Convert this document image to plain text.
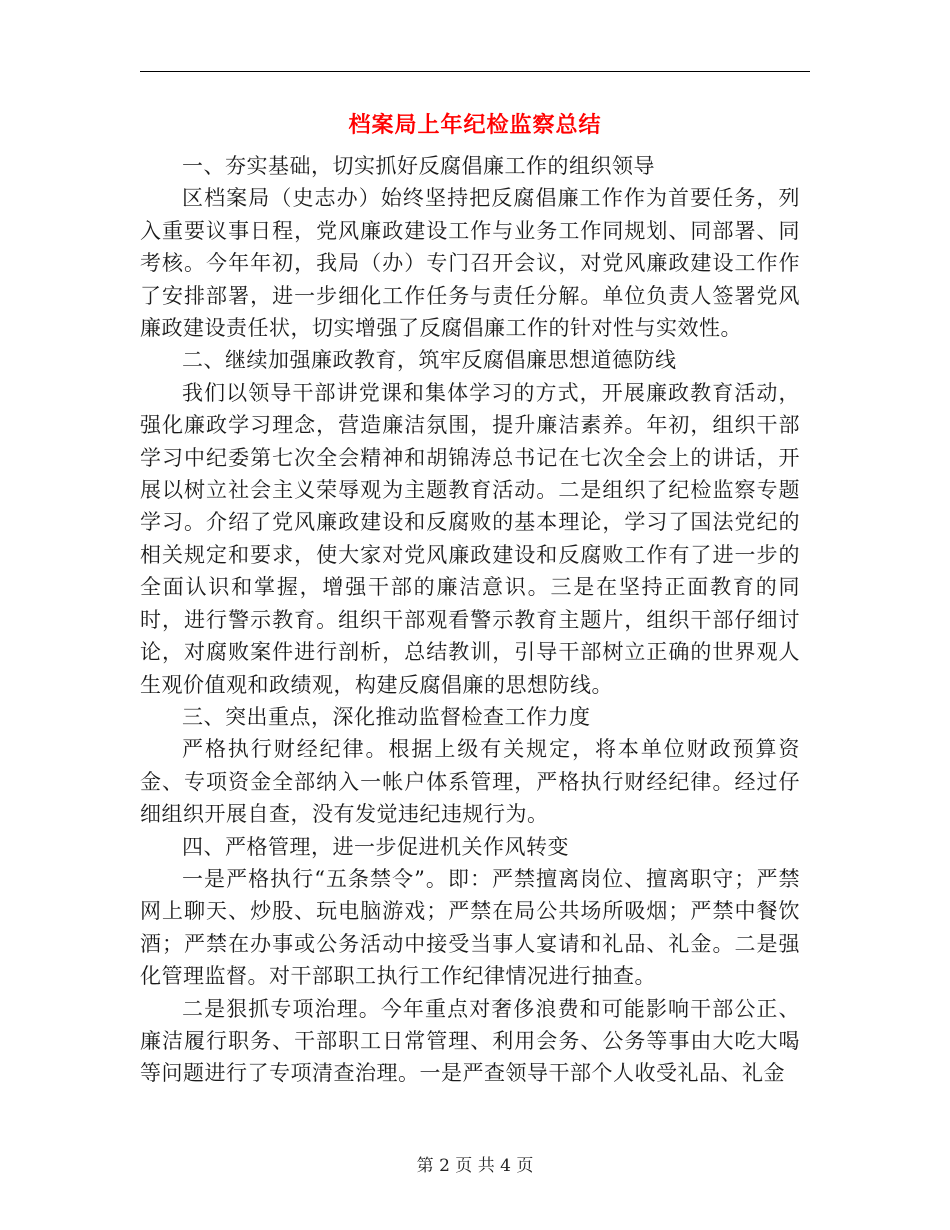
档案局上年纪检监察总结

一、夯实基础，切实抓好反腐倡廉工作的组织领导

区档案局（史志办）始终坚持把反腐倡廉工作作为首要任务，列入重要议事日程，党风廉政建设工作与业务工作同规划、同部署、同考核。今年年初，我局（办）专门召开会议，对党风廉政建设工作作了安排部署，进一步细化工作任务与责任分解。单位负责人签署党风廉政建设责任状，切实增强了反腐倡廉工作的针对性与实效性。

二、继续加强廉政教育，筑牢反腐倡廉思想道德防线

我们以领导干部讲党课和集体学习的方式，开展廉政教育活动，强化廉政学习理念，营造廉洁氛围，提升廉洁素养。年初，组织干部学习中纪委第七次全会精神和胡锦涛总书记在七次全会上的讲话，开展以树立社会主义荣辱观为主题教育活动。二是组织了纪检监察专题学习。介绍了党风廉政建设和反腐败的基本理论，学习了国法党纪的相关规定和要求，使大家对党风廉政建设和反腐败工作有了进一步的全面认识和掌握，增强干部的廉洁意识。三是在坚持正面教育的同时，进行警示教育。组织干部观看警示教育主题片，组织干部仔细讨论，对腐败案件进行剖析，总结教训，引导干部树立正确的世界观人生观价值观和政绩观，构建反腐倡廉的思想防线。

三、突出重点，深化推动监督检查工作力度

严格执行财经纪律。根据上级有关规定，将本单位财政预算资金、专项资金全部纳入一帐户体系管理，严格执行财经纪律。经过仔细组织开展自查，没有发觉违纪违规行为。

四、严格管理，进一步促进机关作风转变

一是严格执行“五条禁令”。即：严禁擅离岗位、擅离职守；严禁网上聊天、炒股、玩电脑游戏；严禁在局公共场所吸烟；严禁中餐饮酒；严禁在办事或公务活动中接受当事人宴请和礼品、礼金。二是强化管理监督。对干部职工执行工作纪律情况进行抽查。

二是狠抓专项治理。今年重点对奢侈浪费和可能影响干部公正、廉洁履行职务、干部职工日常管理、利用会务、公务等事由大吃大喝等问题进行了专项清查治理。一是严查领导干部个人收受礼品、礼金

第 2 页 共 4 页
